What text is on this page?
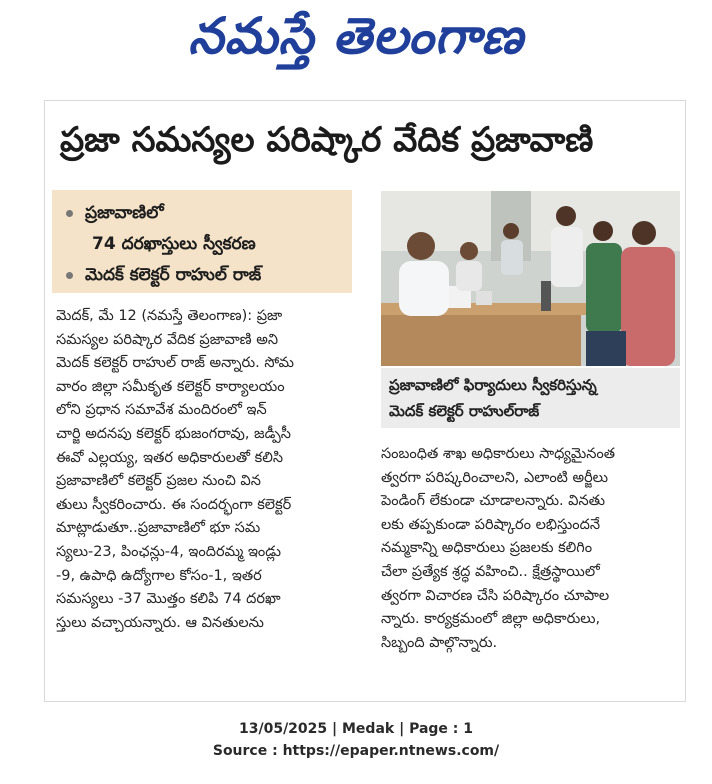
నమస్తే తెలంగాణ
ప్రజా సమస్యల పరిష్కార వేదిక ప్రజావాణి
ప్రజావాణిలో
74 దరఖాస్తులు స్వీకరణ
మెదక్ కలెక్టర్ రాహుల్ రాజ్
ప్రజావాణిలో ఫిర్యాదులు స్వీకరిస్తున్న
మెదక్ కలెక్టర్ రాహుల్‌రాజ్
మెదక్, మే 12 (నమస్తే తెలంగాణ): ప్రజా
సమస్యల పరిష్కార వేదిక ప్రజావాణి అని
మెదక్ కలెక్టర్ రాహుల్ రాజ్ అన్నారు. సోమ
వారం జిల్లా సమీకృత కలెక్టర్ కార్యాలయం
లోని ప్రధాన సమావేశ మందిరంలో ఇన్
చార్జి అదనపు కలెక్టర్ భుజంగరావు, జడ్పీసీ
ఈవో ఎల్లయ్య, ఇతర అధికారులతో కలిసి
ప్రజావాణిలో కలెక్టర్ ప్రజల నుంచి విన
తులు స్వీకరించారు. ఈ సందర్భంగా కలెక్టర్
మాట్లాడుతూ..ప్రజావాణిలో భూ సమ
స్యలు-23, పింఛన్లు-4, ఇందిరమ్మ ఇండ్లు
-9, ఉపాధి ఉద్యోగాల కోసం-1, ఇతర
సమస్యలు -37 మొత్తం కలిపి 74 దరఖా
స్తులు వచ్చాయన్నారు. ఆ వినతులను
సంబంధిత శాఖ అధికారులు సాధ్యమైనంత
త్వరగా పరిష్కరించాలని, ఎలాంటి అర్జీలు
పెండింగ్ లేకుండా చూడాలన్నారు. వినతు
లకు తప్పకుండా పరిష్కారం లభిస్తుందనే
నమ్మకాన్ని అధికారులు ప్రజలకు కలిగిం
చేలా ప్రత్యేక శ్రద్ధ వహించి.. క్షేత్రస్థాయిలో
త్వరగా విచారణ చేసి పరిష్కారం చూపాల
న్నారు. కార్యక్రమంలో జిల్లా అధికారులు,
సిబ్బంది పాల్గొన్నారు.
13/05/2025 | Medak | Page : 1
Source : https://epaper.ntnews.com/
